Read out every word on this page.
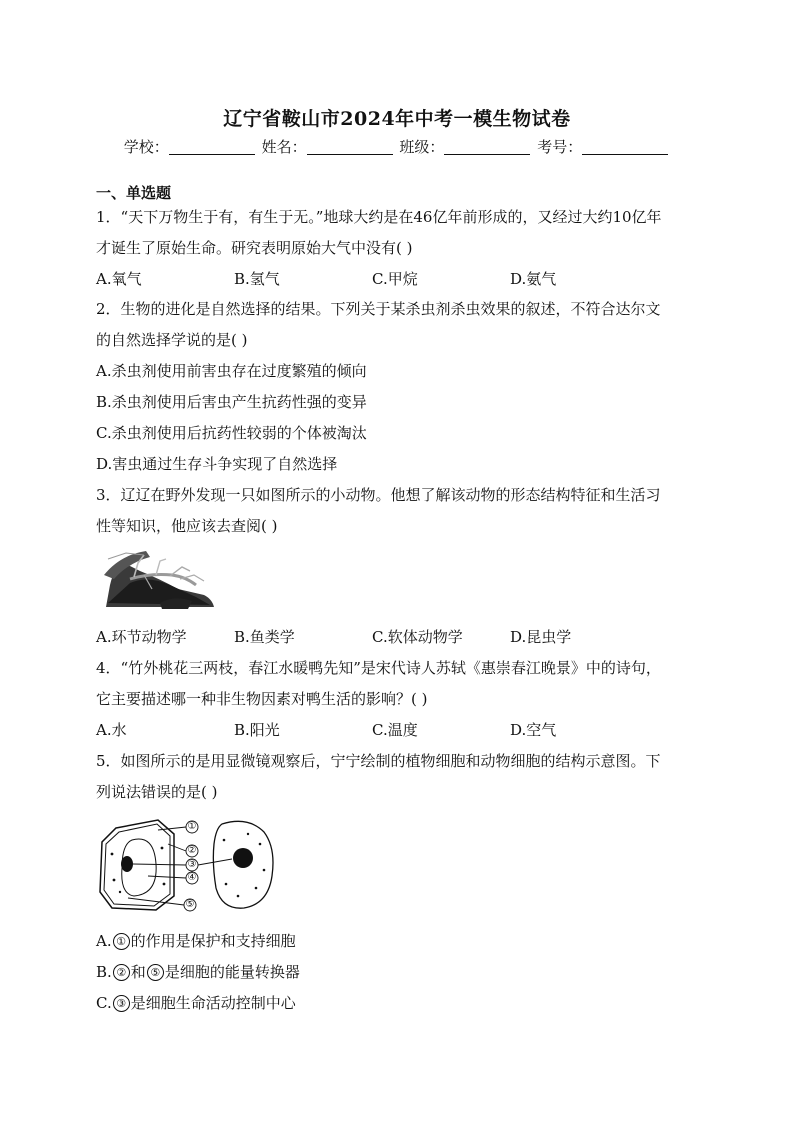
辽宁省鞍山市2024年中考一模生物试卷
学校：	姓名：	班级：	考号：
一、单选题
1．“天下万物生于有，有生于无。”地球大约是在46亿年前形成的，又经过大约10亿年
才诞生了原始生命。研究表明原始大气中没有( )
A.氧气	B.氢气	C.甲烷	D.氨气
2．生物的进化是自然选择的结果。下列关于某杀虫剂杀虫效果的叙述，不符合达尔文
的自然选择学说的是( )
A.杀虫剂使用前害虫存在过度繁殖的倾向
B.杀虫剂使用后害虫产生抗药性强的变异
C.杀虫剂使用后抗药性较弱的个体被淘汰
D.害虫通过生存斗争实现了自然选择
3．辽辽在野外发现一只如图所示的小动物。他想了解该动物的形态结构特征和生活习
性等知识，他应该去查阅( )
A.环节动物学	B.鱼类学	C.软体动物学	D.昆虫学
4．“竹外桃花三两枝，春江水暖鸭先知”是宋代诗人苏轼《惠崇春江晚景》中的诗句，
它主要描述哪一种非生物因素对鸭生活的影响？( )
A.水	B.阳光	C.温度	D.空气
5．如图所示的是用显微镜观察后，宁宁绘制的植物细胞和动物细胞的结构示意图。下
列说法错误的是( )
①
②
③
④
⑤
A. ① 的作用是保护和支持细胞
B. ② 和 ⑤ 是细胞的能量转换器
C. ③ 是细胞生命活动控制中心
